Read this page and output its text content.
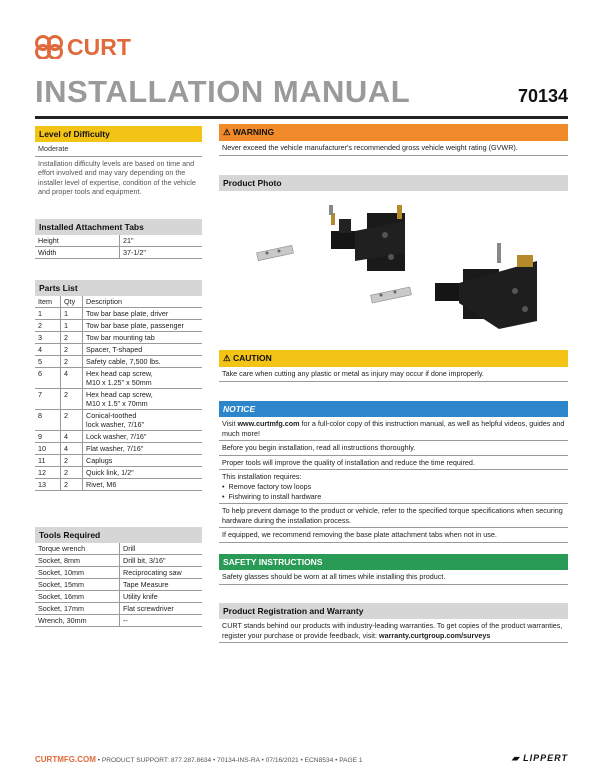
CURT
INSTALLATION MANUAL	70134
Level of Difficulty
Moderate
Installation difficulty levels are based on time and effort involved and may vary depending on the installer level of expertise, condition of the vehicle and proper tools and equipment.
Installed Attachment Tabs
Height	21"
Width	37-1/2"
Parts List
Item	Qty	Description
1	1	Tow bar base plate, driver
2	1	Tow bar base plate, passenger
3	2	Tow bar mounting tab
4	2	Spacer, T-shaped
5	2	Safety cable, 7,500 lbs.
6	4	Hex head cap screw,
M10 x 1.25" x 50mm
7	2	Hex head cap screw,
M10 x 1.5" x 70mm
8	2	Conical-toothed
lock washer, 7/16"
9	4	Lock washer, 7/16"
10	4	Flat washer, 7/16"
11	2	Caplugs
12	2	Quick link, 1/2"
13	2	Rivet, M6
Tools Required
Torque wrench	Drill
Socket, 8mm	Drill bit, 3/16"
Socket, 10mm	Reciprocating saw
Socket, 15mm	Tape Measure
Socket, 16mm	Utility knife
Socket, 17mm	Flat screwdriver
Wrench, 30mm	--
⚠ WARNING
Never exceed the vehicle manufacturer's recommended gross vehicle weight rating (GVWR).
Product Photo
⚠ CAUTION
Take care when cutting any plastic or metal as injury may occur if done improperly.
NOTICE
Visit www.curtmfg.com for a full-color copy of this instruction manual, as well as helpful videos, guides and much more!
Before you begin installation, read all instructions thoroughly.
Proper tools will improve the quality of installation and reduce the time required.
This installation requires:
•  Remove factory tow loops
•  Fishwiring to install hardware
To help prevent damage to the product or vehicle, refer to the specified torque specifications when securing hardware during the installation process.
If equipped, we recommend removing the base plate attachment tabs when not in use.
SAFETY INSTRUCTIONS
Safety glasses should be worn at all times while installing this product.
Product Registration and Warranty
CURT stands behind our products with industry-leading warranties. To get copies of the product warranties, register your purchase or provide feedback, visit: warranty.curtgroup.com/surveys
CURTMFG.COM • PRODUCT SUPPORT: 877.287.8634 • 70134-INS-RA • 07/16/2021 • ECN8534 • PAGE 1	▰ LIPPERT
